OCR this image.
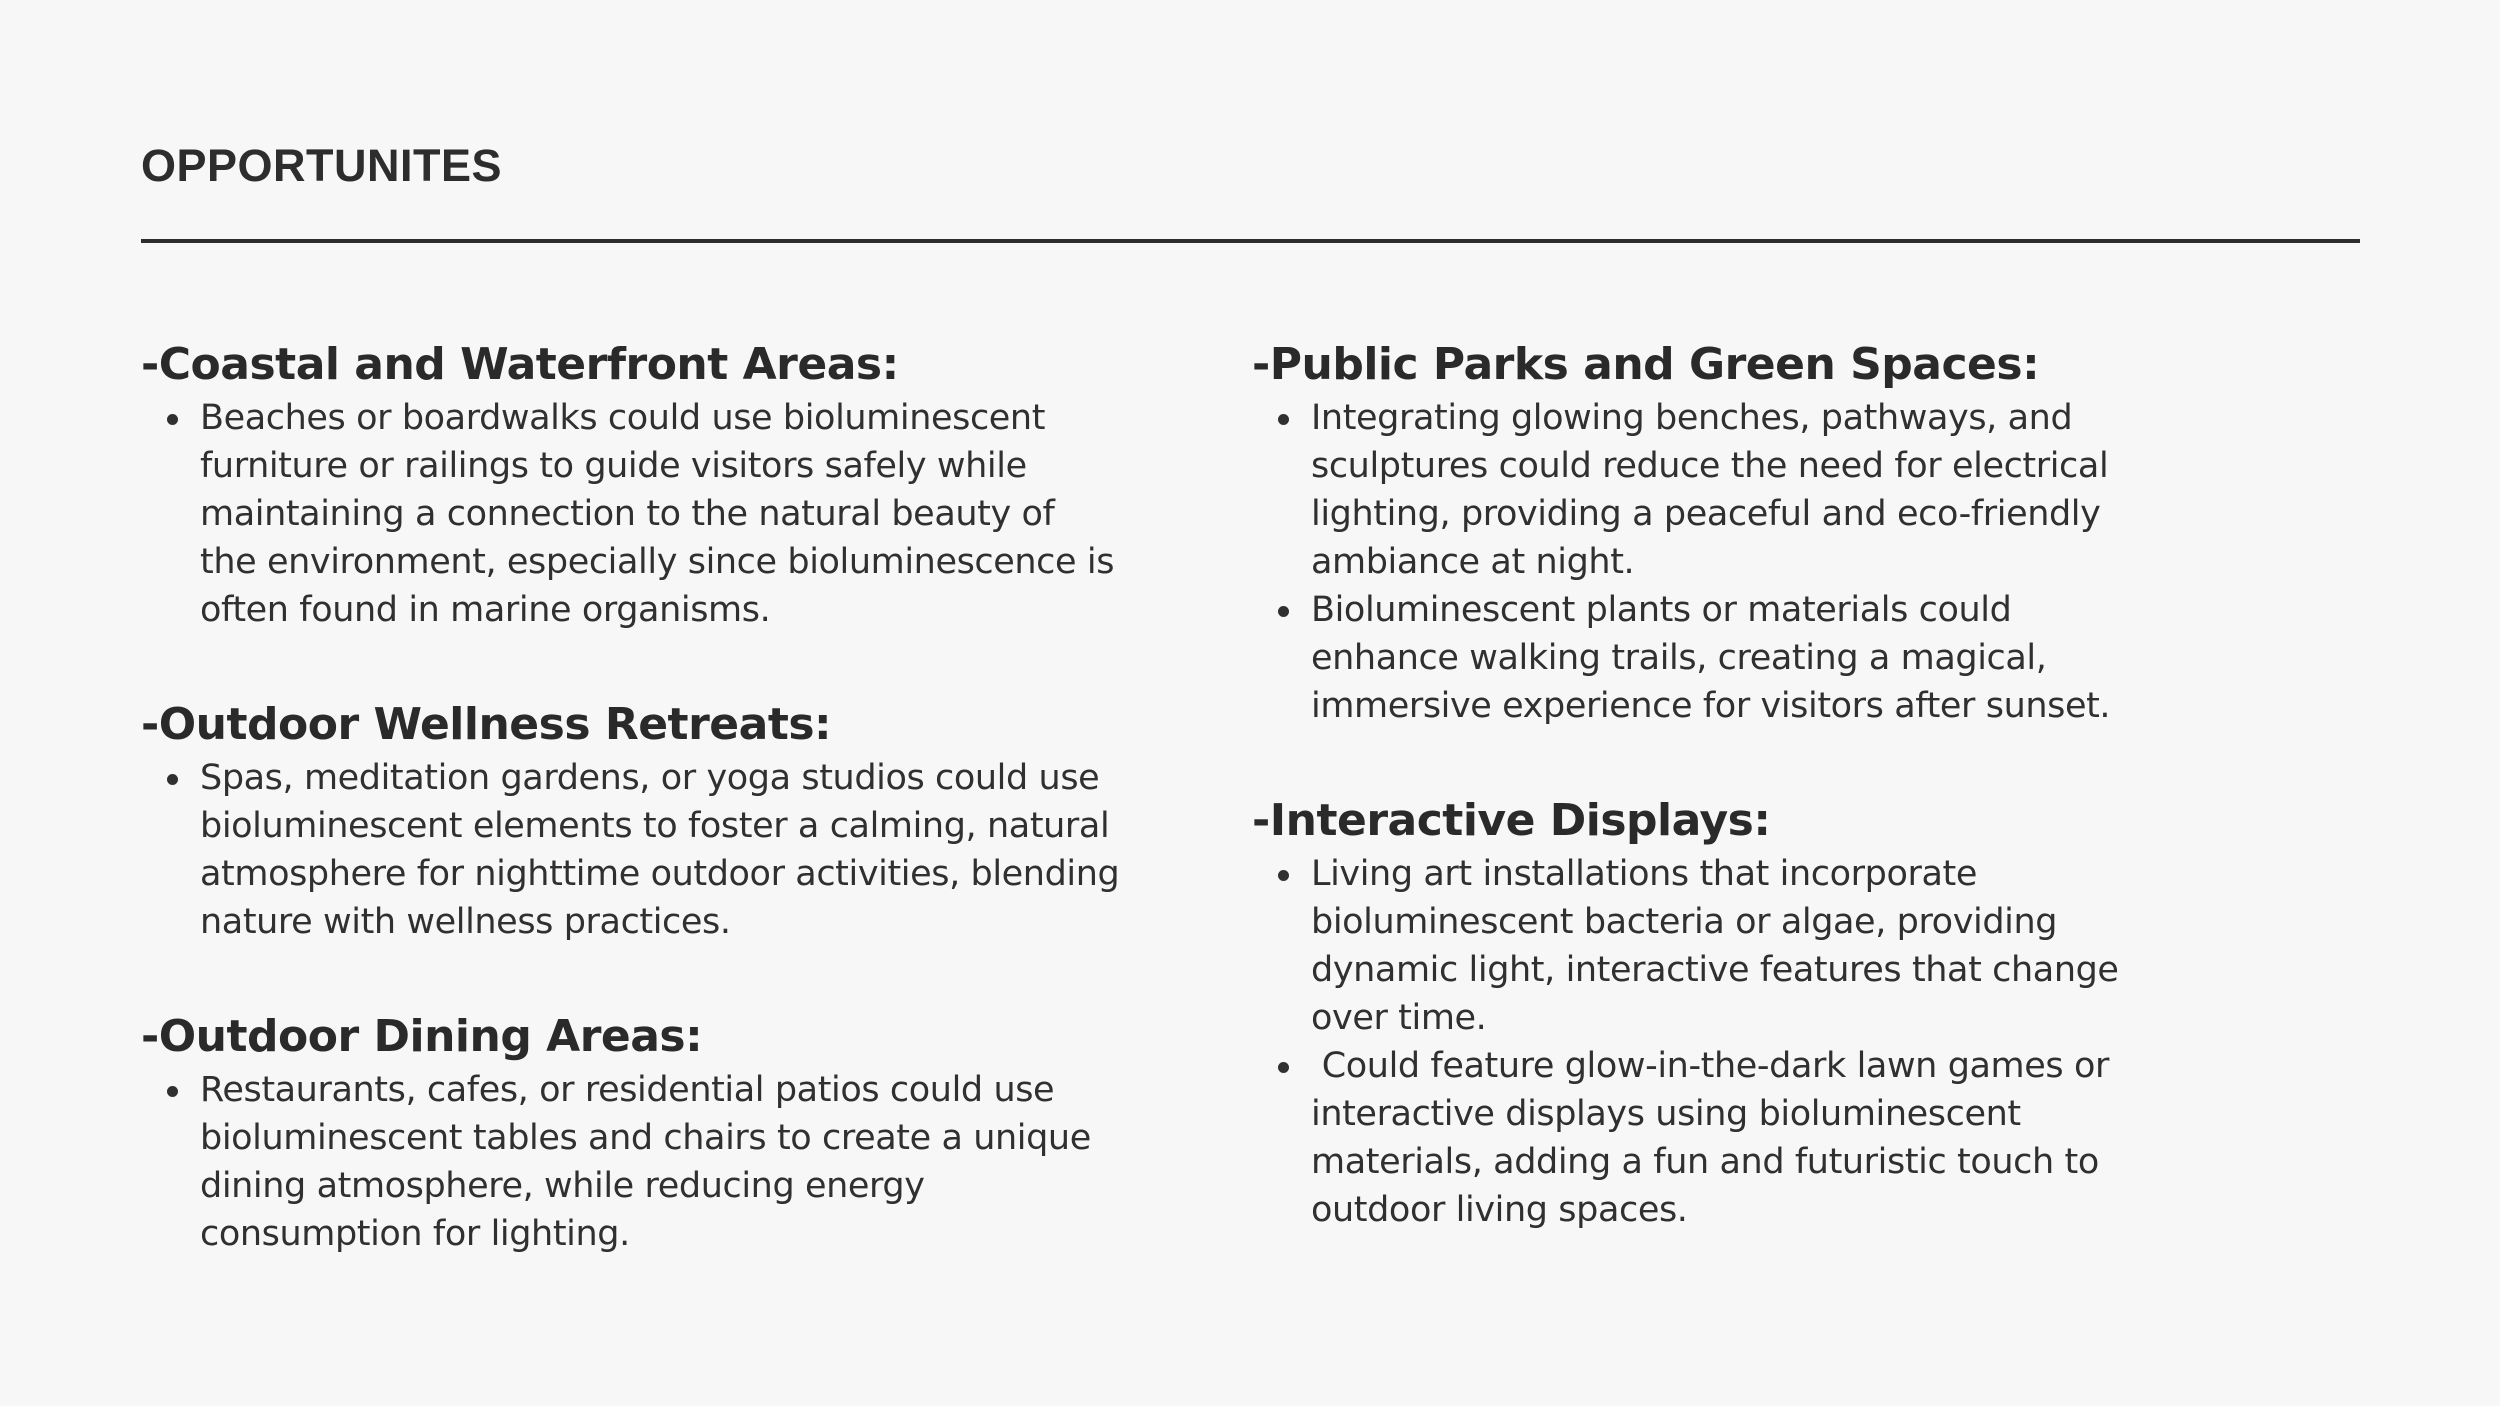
OPPORTUNITES
-Coastal and Waterfront Areas:
Beaches or boardwalks could use bioluminescent furniture or railings to guide visitors safely while maintaining a connection to the natural beauty of the environment, especially since bioluminescence is often found in marine organisms.
-Outdoor Wellness Retreats:
Spas, meditation gardens, or yoga studios could use bioluminescent elements to foster a calming, natural atmosphere for nighttime outdoor activities, blending nature with wellness practices.
-Outdoor Dining Areas:
Restaurants, cafes, or residential patios could use bioluminescent tables and chairs to create a unique dining atmosphere, while reducing energy consumption for lighting.
-Public Parks and Green Spaces:
Integrating glowing benches, pathways, and sculptures could reduce the need for electrical lighting, providing a peaceful and eco-friendly ambiance at night.
Bioluminescent plants or materials could enhance walking trails, creating a magical, immersive experience for visitors after sunset.
-Interactive Displays:
Living art installations that incorporate bioluminescent bacteria or algae, providing dynamic light, interactive features that change over time.
Could feature glow-in-the-dark lawn games or interactive displays using bioluminescent materials, adding a fun and futuristic touch to outdoor living spaces.
